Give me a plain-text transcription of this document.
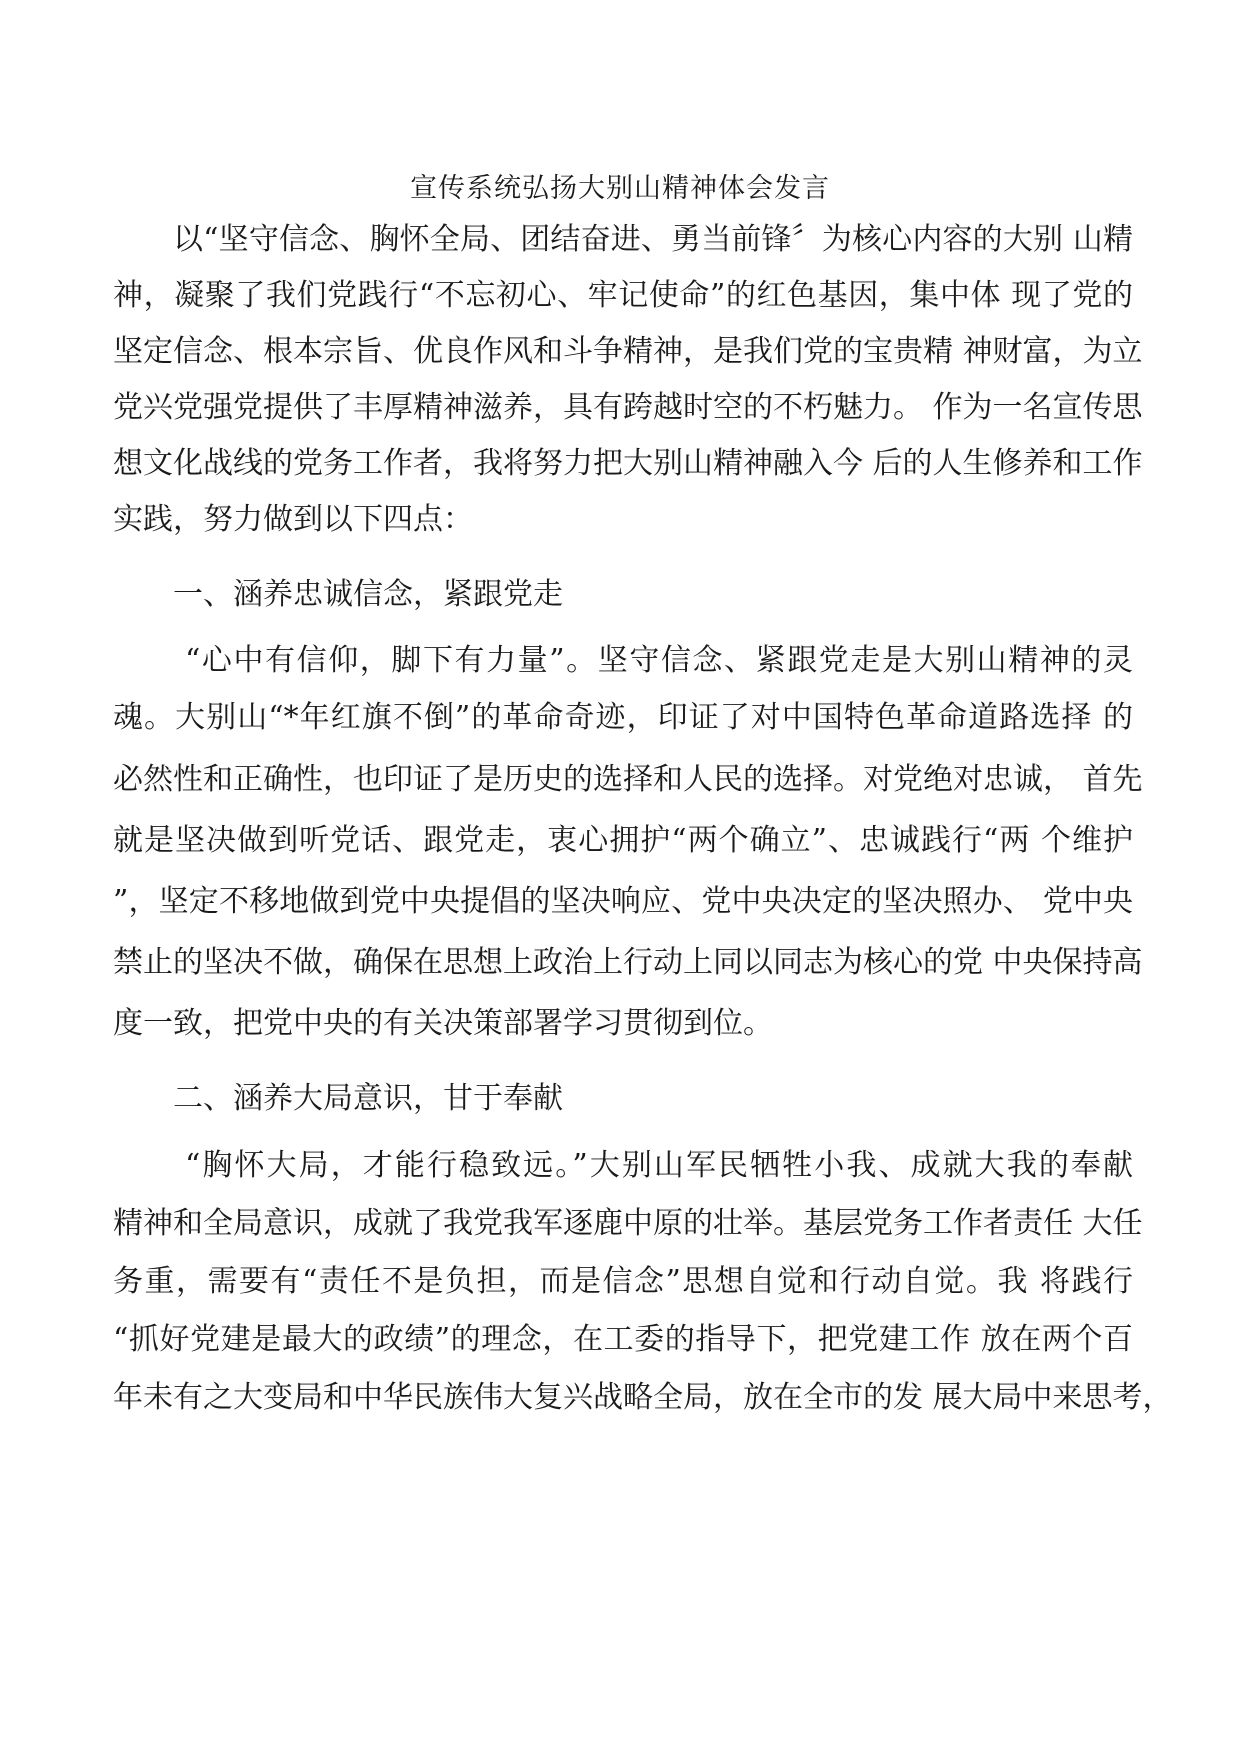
宣传系统弘扬大别山精神体会发言
以“坚守信念、胸怀全局、团结奋进、勇当前锋〞为核心内容的大别 山精
神，凝聚了我们党践行“不忘初心、牢记使命”的红色基因，集中体 现了党的
坚定信念、根本宗旨、优良作风和斗争精神，是我们党的宝贵精 神财富，为立
党兴党强党提供了丰厚精神滋养，具有跨越时空的不朽魅力。 作为一名宣传思
想文化战线的党务工作者，我将努力把大别山精神融入今 后的人生修养和工作
实践，努力做到以下四点：
一、涵养忠诚信念，紧跟党走
“心中有信仰，脚下有力量”。坚守信念、紧跟党走是大别山精神的灵
魂。大别山“*年红旗不倒”的革命奇迹，印证了对中国特色革命道路选择 的
必然性和正确性，也印证了是历史的选择和人民的选择。对党绝对忠诚， 首先
就是坚决做到听党话、跟党走，衷心拥护“两个确立”、忠诚践行“两 个维护
”，坚定不移地做到党中央提倡的坚决响应、党中央决定的坚决照办、 党中央
禁止的坚决不做，确保在思想上政治上行动上同以同志为核心的党 中央保持高
度一致，把党中央的有关决策部署学习贯彻到位。
二、涵养大局意识，甘于奉献
“胸怀大局，才能行稳致远。”大别山军民牺牲小我、成就大我的奉献
精神和全局意识，成就了我党我军逐鹿中原的壮举。基层党务工作者责任 大任
务重，需要有“责任不是负担，而是信念”思想自觉和行动自觉。我 将践行
“抓好党建是最大的政绩”的理念，在工委的指导下，把党建工作 放在两个百
年未有之大变局和中华民族伟大复兴战略全局，放在全市的发 展大局中来思考，
